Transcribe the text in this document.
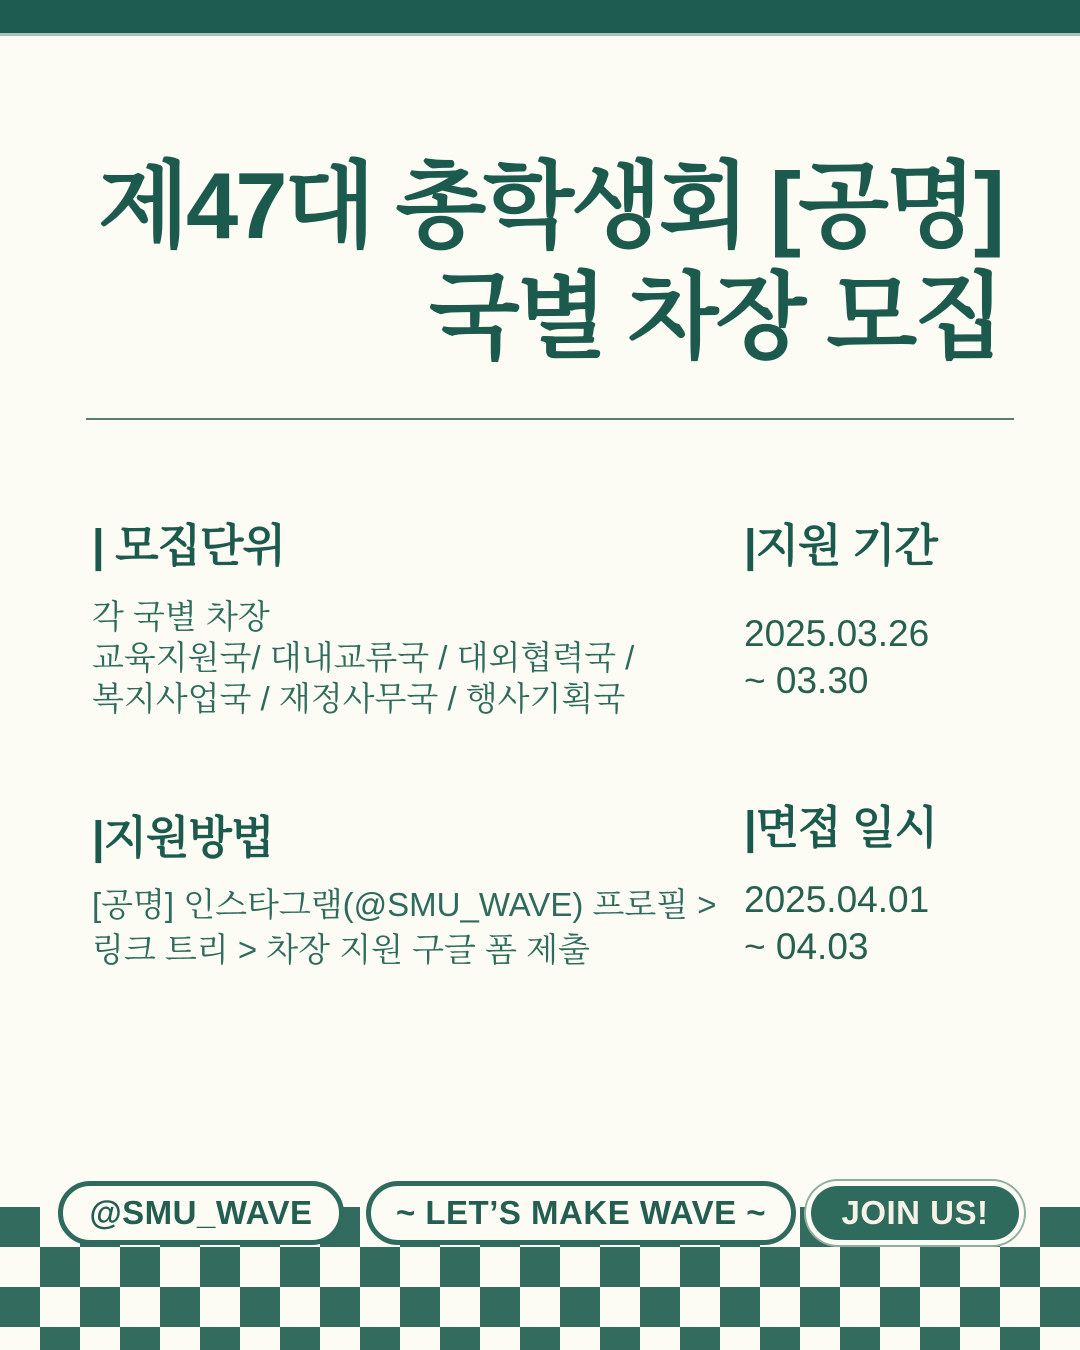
제47대 총학생회 [공명]
국별 차장 모집
| 모집단위

각 국별 차장

교육지원국/ 대내교류국 / 대외협력국 /

복지사업국 / 재정사무국 / 행사기획국

|지원 기간

2025.03.26

~ 03.30

|지원방법

[공명] 인스타그램(@SMU_WAVE) 프로필 >

링크 트리 > 차장 지원 구글 폼 제출

|면접 일시

2025.04.01

~ 04.03

@SMU_WAVE	~ LET’S MAKE WAVE ~	JOIN US!
